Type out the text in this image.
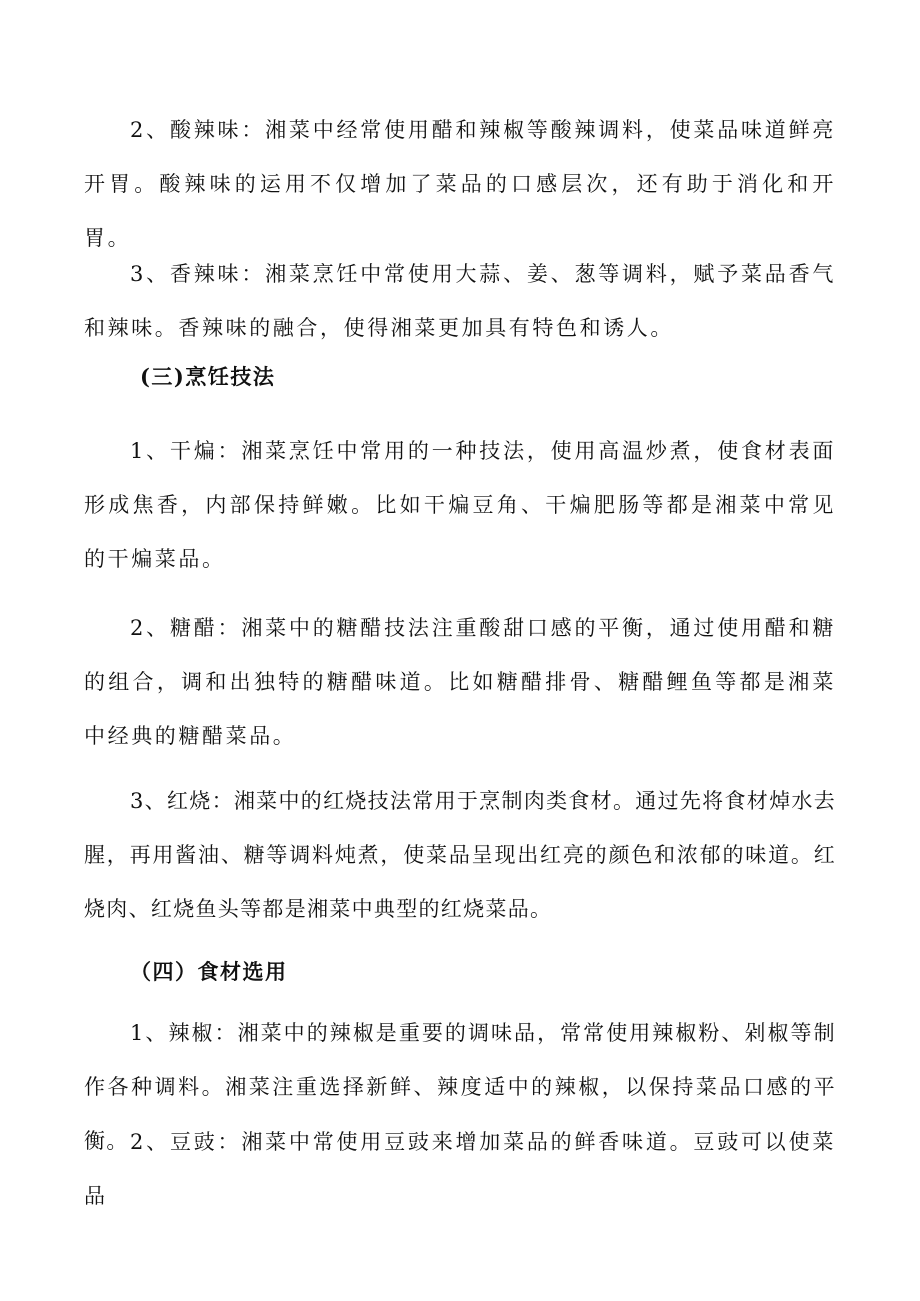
2、酸辣味：湘菜中经常使用醋和辣椒等酸辣调料，使菜品味道鲜亮开胃。酸辣味的运用不仅增加了菜品的口感层次，还有助于消化和开胃。

3、香辣味：湘菜烹饪中常使用大蒜、姜、葱等调料，赋予菜品香气和辣味。香辣味的融合，使得湘菜更加具有特色和诱人。

(三)烹饪技法

1、干煸：湘菜烹饪中常用的一种技法，使用高温炒煮，使食材表面形成焦香，内部保持鲜嫩。比如干煸豆角、干煸肥肠等都是湘菜中常见的干煸菜品。

2、糖醋：湘菜中的糖醋技法注重酸甜口感的平衡，通过使用醋和糖的组合，调和出独特的糖醋味道。比如糖醋排骨、糖醋鲤鱼等都是湘菜中经典的糖醋菜品。

3、红烧：湘菜中的红烧技法常用于烹制肉类食材。通过先将食材焯水去腥，再用酱油、糖等调料炖煮，使菜品呈现出红亮的颜色和浓郁的味道。红烧肉、红烧鱼头等都是湘菜中典型的红烧菜品。

（四）食材选用

1、辣椒：湘菜中的辣椒是重要的调味品，常常使用辣椒粉、剁椒等制作各种调料。湘菜注重选择新鲜、辣度适中的辣椒，以保持菜品口感的平衡。 2、豆豉：湘菜中常使用豆豉来增加菜品的鲜香味道。豆豉可以使菜品
